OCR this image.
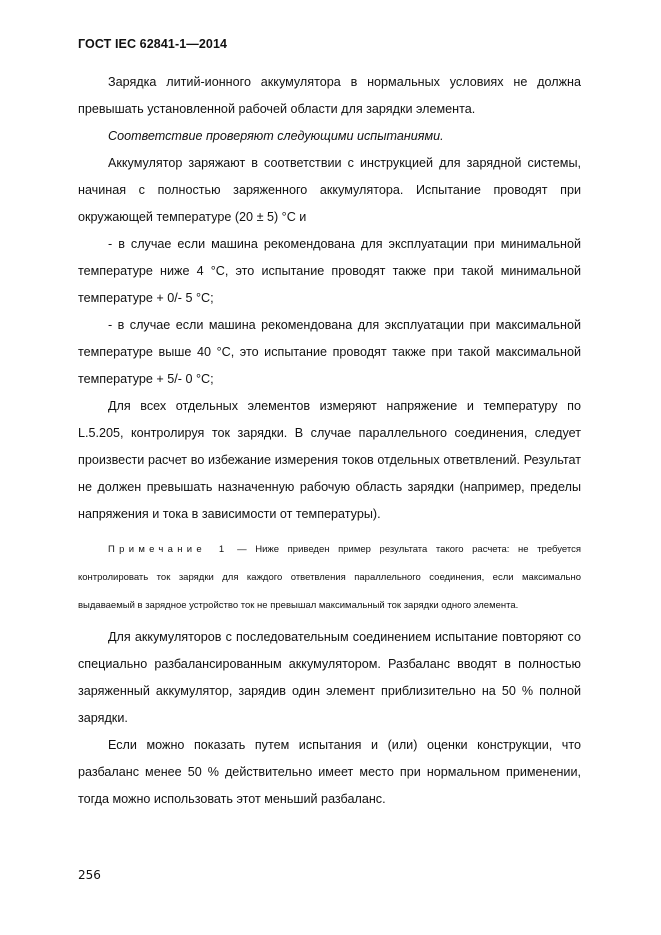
ГОСТ IEC 62841-1—2014

Зарядка литий-ионного аккумулятора в нормальных условиях не должна превышать установленной рабочей области для зарядки элемента.

Соответствие проверяют следующими испытаниями.

Аккумулятор заряжают в соответствии с инструкцией для зарядной системы, начиная с полностью заряженного аккумулятора. Испытание проводят при окружающей температуре (20 ± 5) °С и

- в случае если машина рекомендована для эксплуатации при минимальной температуре ниже 4 °С, это испытание проводят также при такой минимальной температуре + 0/- 5 °С;

- в случае если машина рекомендована для эксплуатации при максимальной температуре выше 40 °С, это испытание проводят также при такой максимальной температуре + 5/- 0 °С;

Для всех отдельных элементов измеряют напряжение и температуру по L.5.205, контролируя ток зарядки. В случае параллельного соединения, следует произвести расчет во избежание измерения токов отдельных ответвлений. Результат не должен превышать назначенную рабочую область зарядки (например, пределы напряжения и тока в зависимости от температуры).

Примечание 1 — Ниже приведен пример результата такого расчета: не требуется контролировать ток зарядки для каждого ответвления параллельного соединения, если максимально выдаваемый в зарядное устройство ток не превышал максимальный ток зарядки одного элемента.

Для аккумуляторов с последовательным соединением испытание повторяют со специально разбалансированным аккумулятором. Разбаланс вводят в полностью заряженный аккумулятор, зарядив один элемент приблизительно на 50 % полной зарядки.

Если можно показать путем испытания и (или) оценки конструкции, что разбаланс менее 50 % действительно имеет место при нормальном применении, тогда можно использовать этот меньший разбаланс.

256
